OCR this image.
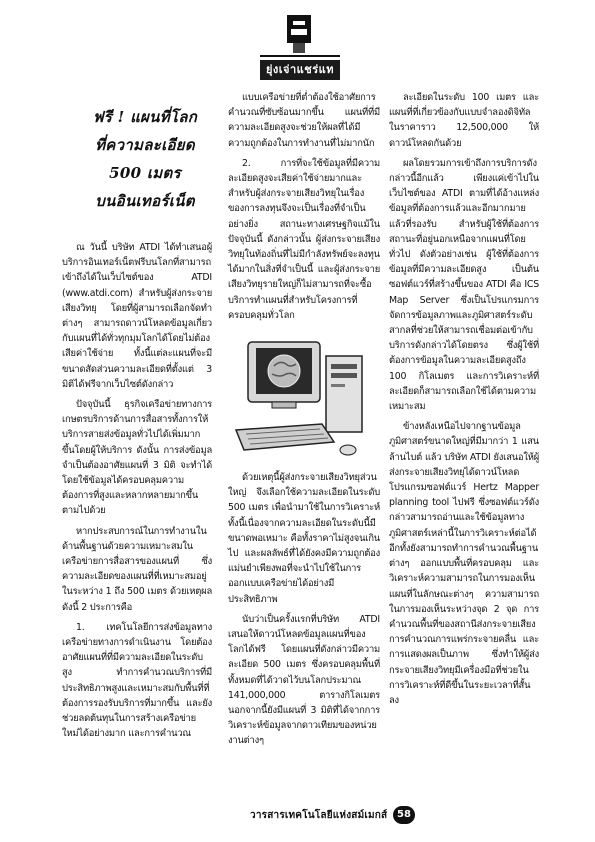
ยุ่งเจ่าแชร่แท
ฟรี ! แผนที่โลก
ที่ความละเอียด
500 เมตร
บนอินเทอร์เน็ต

ณ วันนี้ บริษัท ATDI ได้ทำเสนอผู้บริการอินเทอร์เน็ตฟรีบนโลกที่สามารถเข้าถึงได้ในเว็บไซต์ของ ATDI (www.atdi.com) สำหรับผู้ส่งกระจายเสียงวิทยุ โดยที่ผู้สามารถเลือกจัดทำต่างๆ สามารถดาวน์โหลดข้อมูลเกี่ยวกับแผนที่ได้ทั่วทุกมุมโลกได้โดยไม่ต้องเสียค่าใช้จ่าย ทั้งนี้แต่ละแผนที่จะมีขนาดสัดส่วนความละเอียดที่ตั้งแต่ 3 มิติได้ฟรีจากเว็บไซต์ดังกล่าว

ปัจจุบันนี้ ธุรกิจเครือข่ายทางการเกษตรบริการด้านการสื่อสารทั้งการให้บริการสายส่งข้อมูลทั่วไปได้เพิ่มมากขึ้นโดยผู้ให้บริการ ดังนั้น การส่งข้อมูลจำเป็นต้องอาศัยแผนที่ 3 มิติ จะทำได้โดยใช้ข้อมูลได้ครอบคลุมความต้องการที่สูงและหลากหลายมากขึ้นตามไปด้วย

หากประสบการณ์ในการทำงานในด้านพื้นฐานด้วยความเหมาะสมในเครือข่ายการสื่อสารของแผนที่ ซึ่งความละเอียดของแผนที่ที่เหมาะสมอยู่ในระหว่าง 1 ถึง 500 เมตร ด้วยเหตุผลดังนี้ 2 ประการคือ

1. เทคโนโลยีการส่งข้อมูลทางเครือข่ายทางการดำเนินงาน โดยต้องอาศัยแผนที่ที่มีความละเอียดในระดับสูง ทำการคำนวณบริการที่มีประสิทธิภาพสูงและเหมาะสมกับพื้นที่ที่ต้องการรองรับบริการที่มากขึ้น และยังช่วยลดต้นทุนในการสร้างเครือข่ายใหม่ได้อย่างมาก และการคำนวณ

แบบเครือข่ายที่ต่ำต้องใช้อาศัยการคำนวณที่ซับซ้อนมากขึ้น แผนที่ที่มีความละเอียดสูงจะช่วยให้ผลที่ได้มีความถูกต้องในการทำงานที่ไม่มากนัก

2. การที่จะใช้ข้อมูลที่มีความละเอียดสูงจะเสียค่าใช้จ่ายมากและสำหรับผู้ส่งกระจายเสียงวิทยุในเรื่องของการลงทุนจึงจะเป็นเรื่องที่จำเป็นอย่างยิ่ง สถานะทางเศรษฐกิจแม้ในปัจจุบันนี้ ดังกล่าวนั้น ผู้ส่งกระจายเสียงวิทยุในท้องถิ่นที่ไม่มีกำลังทรัพย์จะลงทุนได้มากในสิ่งที่จำเป็นนี้ และผู้ส่งกระจายเสียงวิทยุรายใหญ่ก็ไม่สามารถที่จะซื้อบริการทำแผนที่สำหรับโครงการที่ครอบคลุมทั่วโลก

ด้วยเหตุนี้ผู้ส่งกระจายเสียงวิทยุส่วนใหญ่ จึงเลือกใช้ความละเอียดในระดับ 500 เมตร เพื่อนำมาใช้ในการวิเคราะห์ ทั้งนี้เนื่องจากความละเอียดในระดับนี้มีขนาดพอเหมาะ คือทั้งราคาไม่สูงจนเกินไป และผลลัพธ์ที่ได้ยังคงมีความถูกต้องแม่นยำเพียงพอที่จะนำไปใช้ในการออกแบบเครือข่ายได้อย่างมีประสิทธิภาพ

นับว่าเป็นครั้งแรกที่บริษัท ATDI เสนอให้ดาวน์โหลดข้อมูลแผนที่ของโลกได้ฟรี โดยแผนที่ดังกล่าวมีความละเอียด 500 เมตร ซึ่งครอบคลุมพื้นที่ทั้งหมดที่ได้วาดไว้บนโลกประมาณ 141,000,000 ตารางกิโลเมตร นอกจากนี้ยังมีแผนที่ 3 มิติที่ได้จากการวิเคราะห์ข้อมูลจากดาวเทียมของหน่วยงานต่างๆ

ละเอียดในระดับ 100 เมตร และแผนที่ที่เกี่ยวข้องกับแบบจำลองดิจิทัลในราคาราว 12,500,000 ให้ดาวน์โหลดกันด้วย

ผลโดยรวมการเข้าถึงการบริการดังกล่าวนี้อีกแล้ว เพียงแค่เข้าไปในเว็บไซต์ของ ATDI ตามที่ได้อ้างแหล่งข้อมูลที่ต้องการแล้วและอีกมากมายแล้วที่รองรับ สำหรับผู้ใช้ที่ต้องการสถานะที่อยู่นอกเหนือจากแผนที่โดยทั่วไป ดังตัวอย่างเช่น ผู้ใช้ที่ต้องการข้อมูลที่มีความละเอียดสูง เป็นต้น ซอฟต์แวร์ที่สร้างขึ้นของ ATDI คือ ICS Map Server ซึ่งเป็นโปรแกรมการจัดการข้อมูลภาพและภูมิศาสตร์ระดับสากลที่ช่วยให้สามารถเชื่อมต่อเข้ากับบริการดังกล่าวได้โดยตรง ซึ่งผู้ใช้ที่ต้องการข้อมูลในความละเอียดสูงถึง 100 กิโลเมตร และการวิเคราะห์ที่ละเอียดก็สามารถเลือกใช้ได้ตามความเหมาะสม

ข้างหลังเหนือไปจากฐานข้อมูลภูมิศาสตร์ขนาดใหญ่ที่มีมากว่า 1 แสนล้านไบต์ แล้ว บริษัท ATDI ยังเสนอให้ผู้ส่งกระจายเสียงวิทยุได้ดาวน์โหลดโปรแกรมซอฟต์แวร์ Hertz Mapper planning tool ไปฟรี ซึ่งซอฟต์แวร์ดังกล่าวสามารถอ่านและใช้ข้อมูลทางภูมิศาสตร์เหล่านี้ในการวิเคราะห์ต่อได้ อีกทั้งยังสามารถทำการคำนวณพื้นฐานต่างๆ ออกแบบพื้นที่ครอบคลุม และวิเคราะห์ความสามารถในการมองเห็นแผนที่ในลักษณะต่างๆ ความสามารถในการมองเห็นระหว่างจุด 2 จุด การคำนวณพื้นที่ของสถานีส่งกระจายเสียง การคำนวณการแพร่กระจายคลื่น และการแสดงผลเป็นภาพ ซึ่งทำให้ผู้ส่งกระจายเสียงวิทยุมีเครื่องมือที่ช่วยในการวิเคราะห์ที่ดีขึ้นในระยะเวลาที่สั้นลง

วารสารเทคโนโลยีแห่งสม์เมกส์ 58
